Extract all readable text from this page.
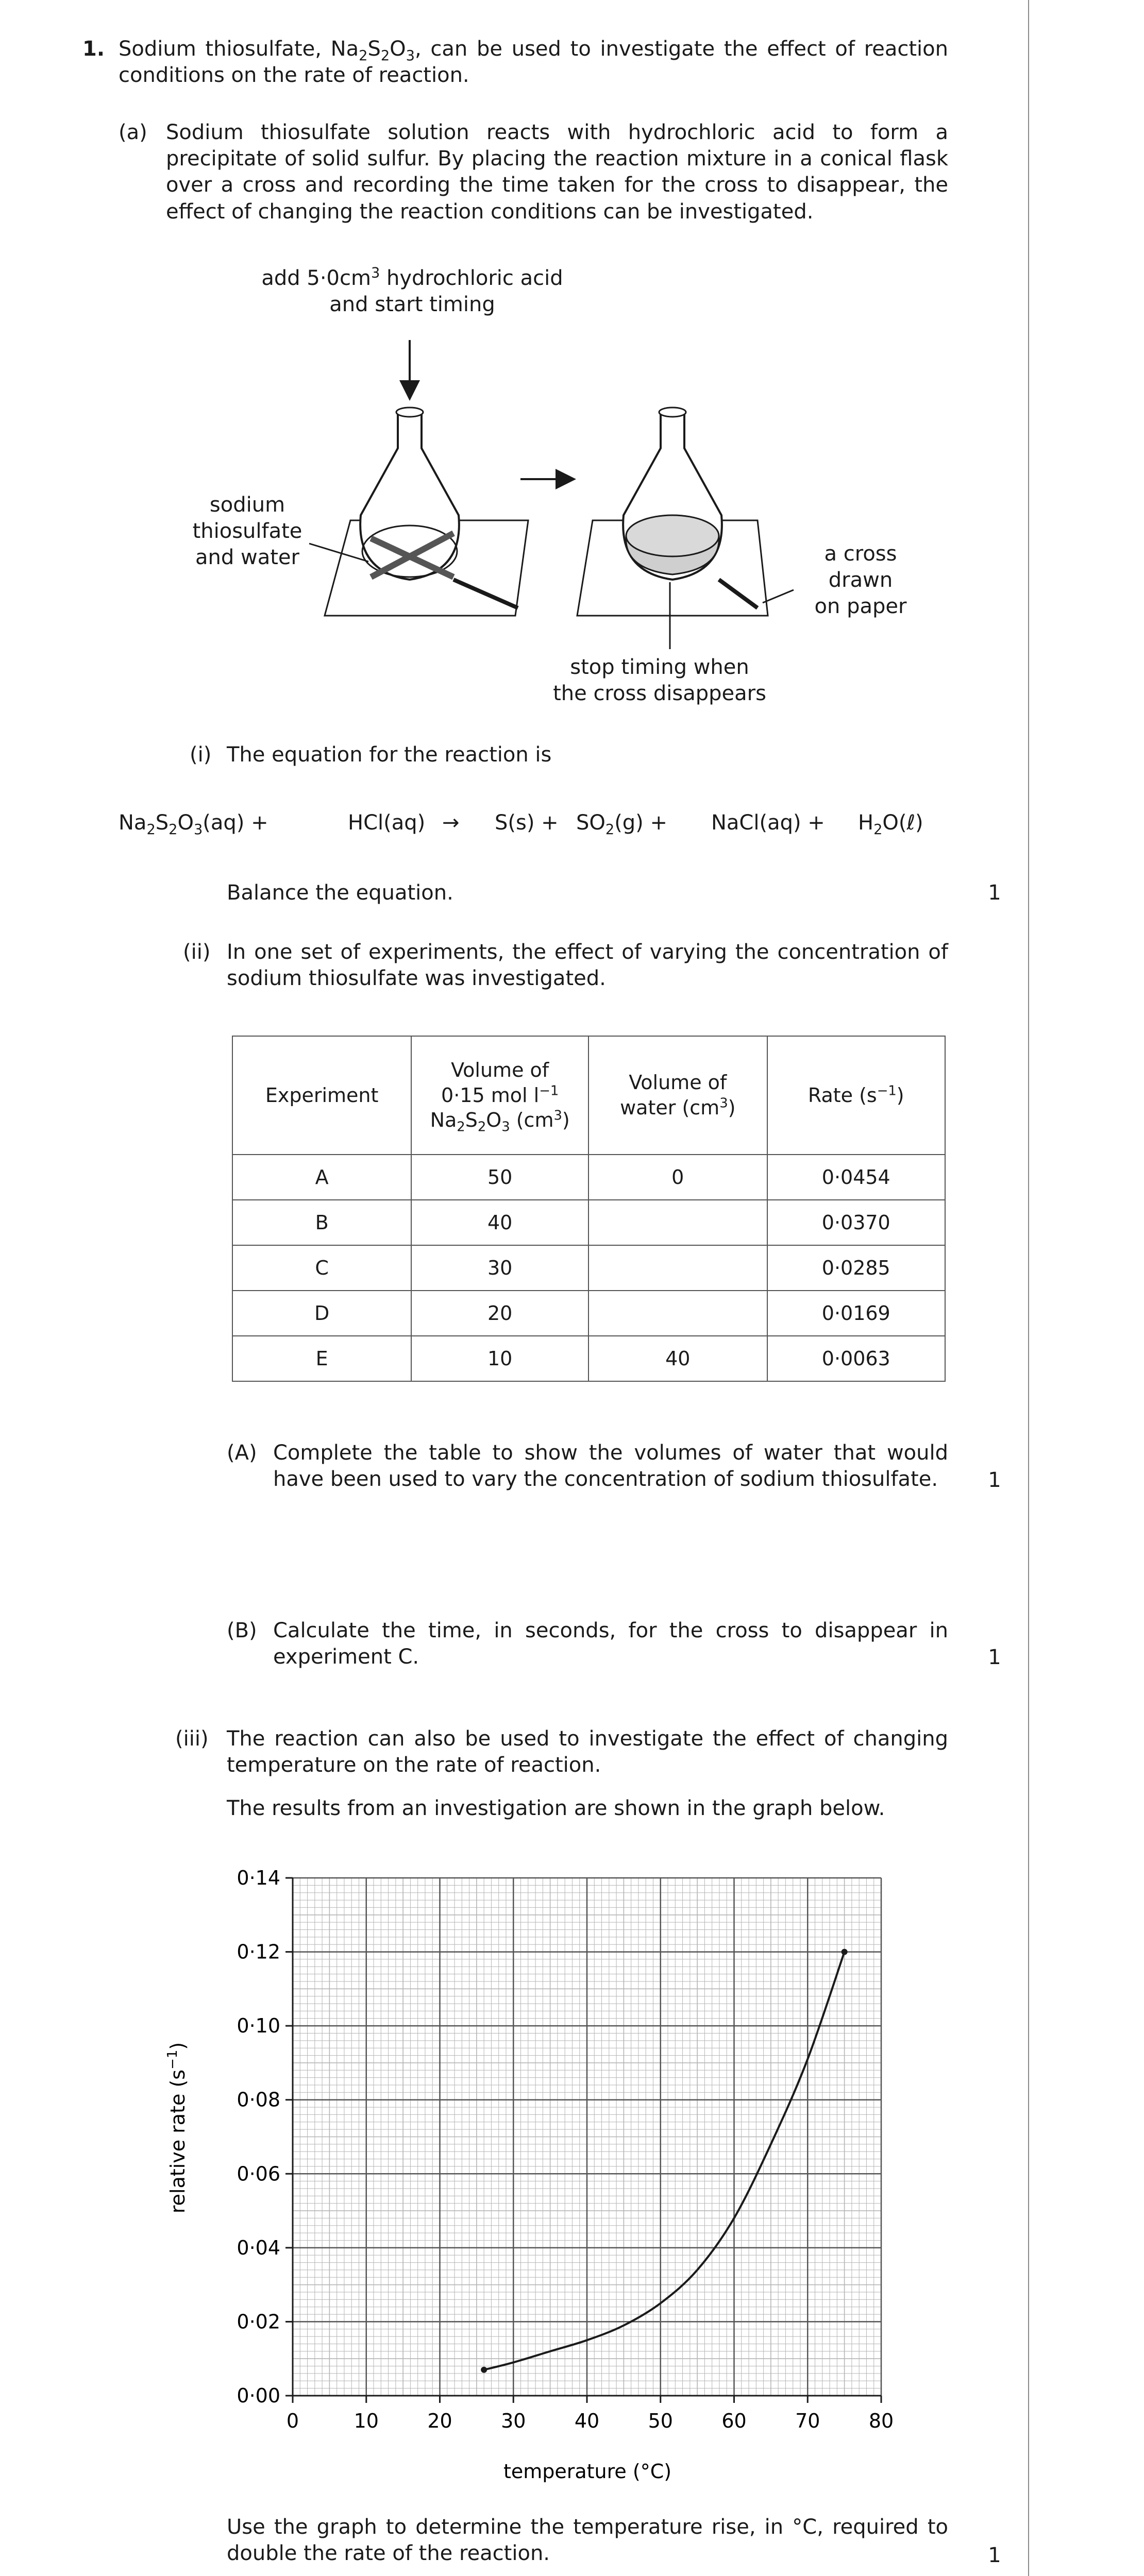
1. Sodium thiosulfate, $Na_2S_2O_3$, can be used to investigate the effect of reaction conditions on the rate of reaction.
(a) Sodium thiosulfate solution reacts with hydrochloric acid to form a precipitate of solid sulfur. By placing the reaction mixture in a conical flask over a cross and recording the time taken for the cross to disappear, the effect of changing the reaction conditions can be investigated.
add $5\cdot 0cm^3$ hydrochloric acid
and start timing
sodium
thiosulfate
and water	a cross
drawn
on paper
stop timing when
the cross disappears
(i) The equation for the reaction is
$Na_2S_2O_3(aq)$ +	$HCl(aq) \to S(s) + SO_2(g)$ + NaCl(aq) + $H_2O(\ell)$
Balance the equation.	1
(ii) In one set of experiments, the effect of varying the concentration of sodium thiosulfate was investigated.
Experiment	Volume of
0·15 mol $l^{-1}$
$Na_2S_2O_3$ $(cm^3)$	Volume of
water $(cm^3)$	Rate $(s^{-1})$
A	50	0	0·0454
B	40		0·0370
C	30		0·0285
D	20		0·0169
E	10	40	0·0063
(A) Complete the table to show the volumes of water that would have been used to vary the concentration of sodium thiosulfate.	1
(B) Calculate the time, in seconds, for the cross to disappear in experiment C.	1
(iii) The reaction can also be used to investigate the effect of changing temperature on the rate of reaction.
The results from an investigation are shown in the graph below.
0	10 20 30 40 50 60 70 80
0·00
0·02
0·04
0·06
0·08
0·10
0·12
0·14
temperature (°C)
relative rate $(s^{-1})$
Use the graph to determine the temperature rise, in °C, required to double the rate of the reaction.	1
